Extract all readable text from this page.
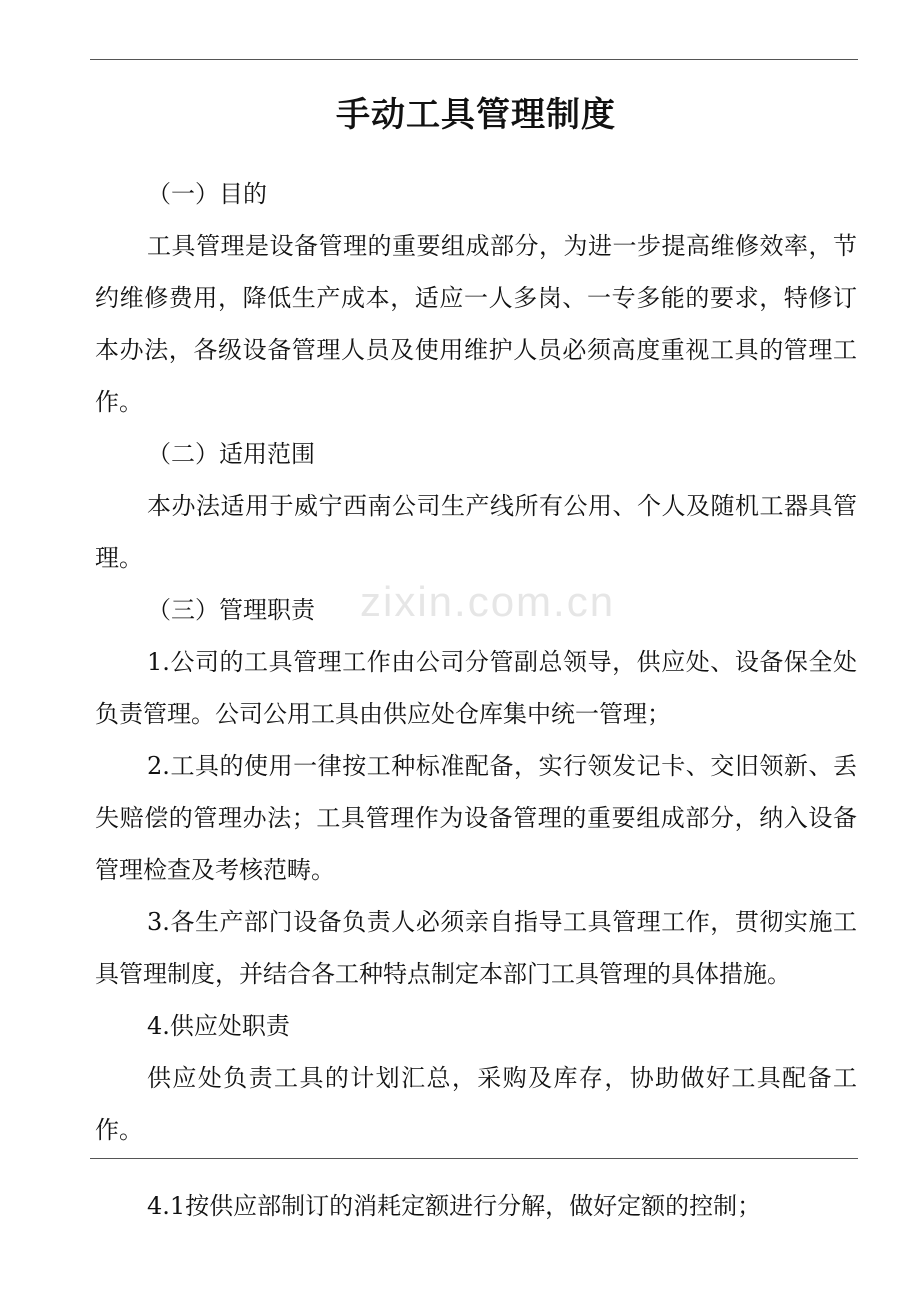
zixin.com.cn
手动工具管理制度

（一）目的

工具管理是设备管理的重要组成部分，为进一步提高维修效率，节约维修费用，降低生产成本，适应一人多岗、一专多能的要求，特修订本办法，各级设备管理人员及使用维护人员必须高度重视工具的管理工作。

（二）适用范围

本办法适用于威宁西南公司生产线所有公用、个人及随机工器具管理。

（三）管理职责

1.公司的工具管理工作由公司分管副总领导，供应处、设备保全处负责管理。公司公用工具由供应处仓库集中统一管理；

2.工具的使用一律按工种标准配备，实行领发记卡、交旧领新、丢失赔偿的管理办法；工具管理作为设备管理的重要组成部分，纳入设备管理检查及考核范畴。

3.各生产部门设备负责人必须亲自指导工具管理工作，贯彻实施工具管理制度，并结合各工种特点制定本部门工具管理的具体措施。

4.供应处职责

供应处负责工具的计划汇总，采购及库存，协助做好工具配备工作。

4.1按供应部制订的消耗定额进行分解，做好定额的控制；
